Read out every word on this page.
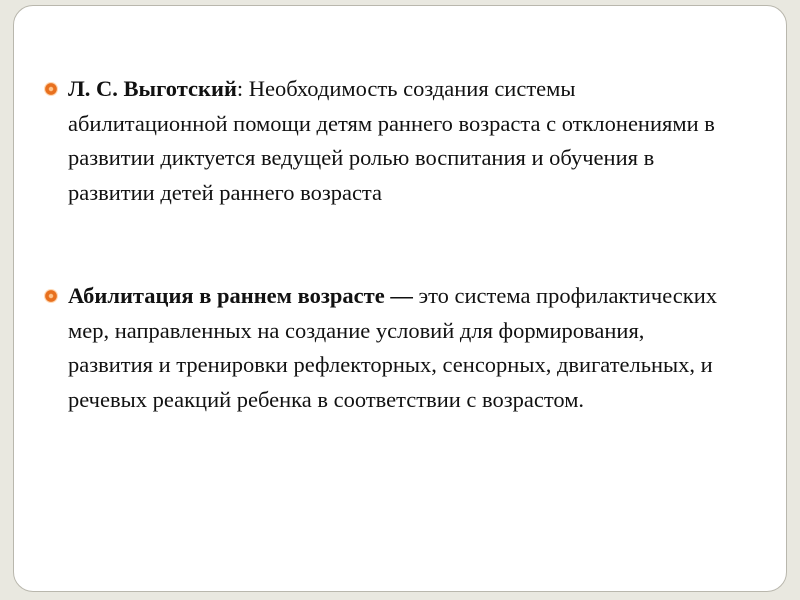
Л. С. Выготский: Необходимость создания системы абилитационной помощи детям раннего возраста с отклонениями в развитии диктуется ведущей ролью воспитания и обучения в развитии детей раннего возраста
Абилитация в раннем возрасте — это система профилактических мер, направленных на создание условий для формирования, развития и тренировки рефлекторных, сенсорных, двигательных, и речевых реакций ребенка в соответствии с возрастом.
